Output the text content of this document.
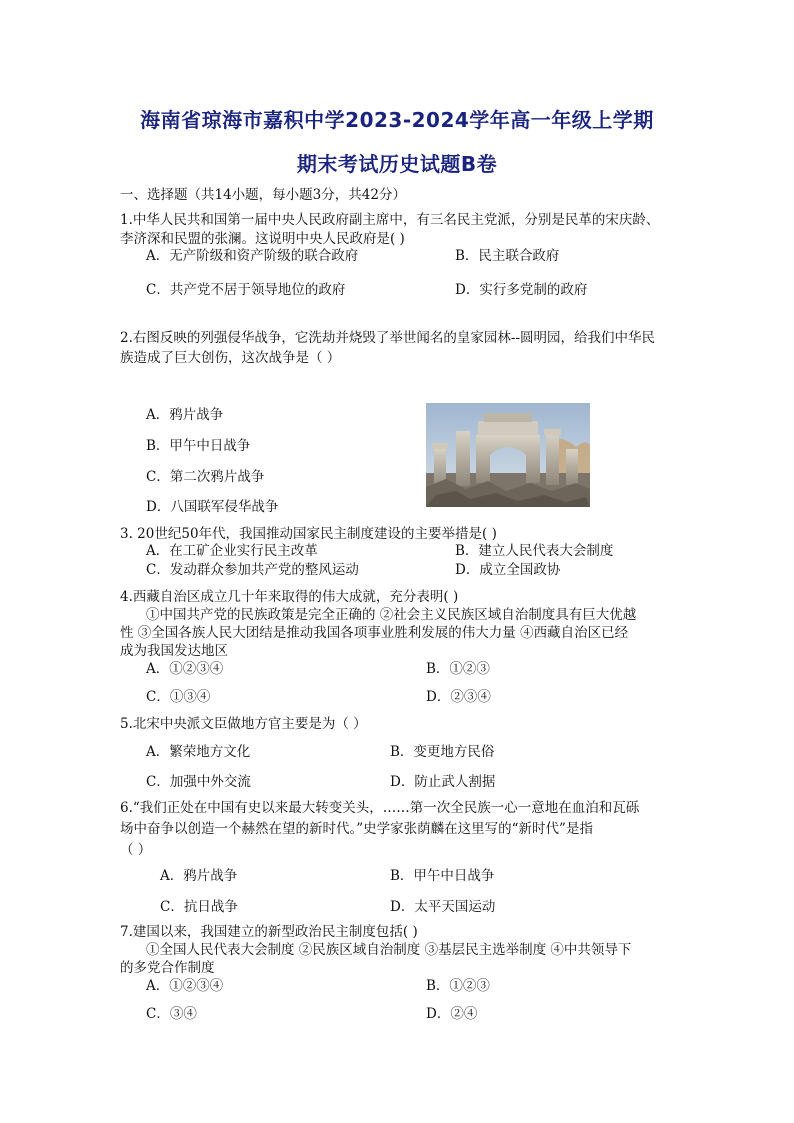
海南省琼海市嘉积中学2023-2024学年高一年级上学期
期末考试历史试题B卷
一、选择题（共14小题，每小题3分，共42分）
1.中华人民共和国第一届中央人民政府副主席中，有三名民主党派，分别是民革的宋庆龄、
李济深和民盟的张澜。这说明中央人民政府是( )
A．无产阶级和资产阶级的联合政府	B．民主联合政府
C．共产党不居于领导地位的政府	D．实行多党制的政府
2.右图反映的列强侵华战争，它洗劫并烧毁了举世闻名的皇家园林--圆明园，给我们中华民
族造成了巨大创伤，这次战争是（ ）
A．鸦片战争
B．甲午中日战争
C．第二次鸦片战争
D．八国联军侵华战争
3. 20世纪50年代，我国推动国家民主制度建设的主要举措是( )
A．在工矿企业实行民主改革	B．建立人民代表大会制度
C．发动群众参加共产党的整风运动	D．成立全国政协
4.西藏自治区成立几十年来取得的伟大成就，充分表明( )
①中国共产党的民族政策是完全正确的 ②社会主义民族区域自治制度具有巨大优越
性 ③全国各族人民大团结是推动我国各项事业胜利发展的伟大力量 ④西藏自治区已经
成为我国发达地区
A．①②③④	B．①②③
C．①③④	D．②③④
5.北宋中央派文臣做地方官主要是为（ ）
A．繁荣地方文化	B．变更地方民俗
C．加强中外交流	D．防止武人割据
6.“我们正处在中国有史以来最大转变关头，……第一次全民族一心一意地在血泊和瓦砾
场中奋争以创造一个赫然在望的新时代。”史学家张荫麟在这里写的“新时代”是指
（ ）
A．鸦片战争	B．甲午中日战争
C．抗日战争	D．太平天国运动
7.建国以来，我国建立的新型政治民主制度包括( )
①全国人民代表大会制度 ②民族区域自治制度 ③基层民主选举制度 ④中共领导下
的多党合作制度
A．①②③④	B．①②③
C．③④	D．②④
